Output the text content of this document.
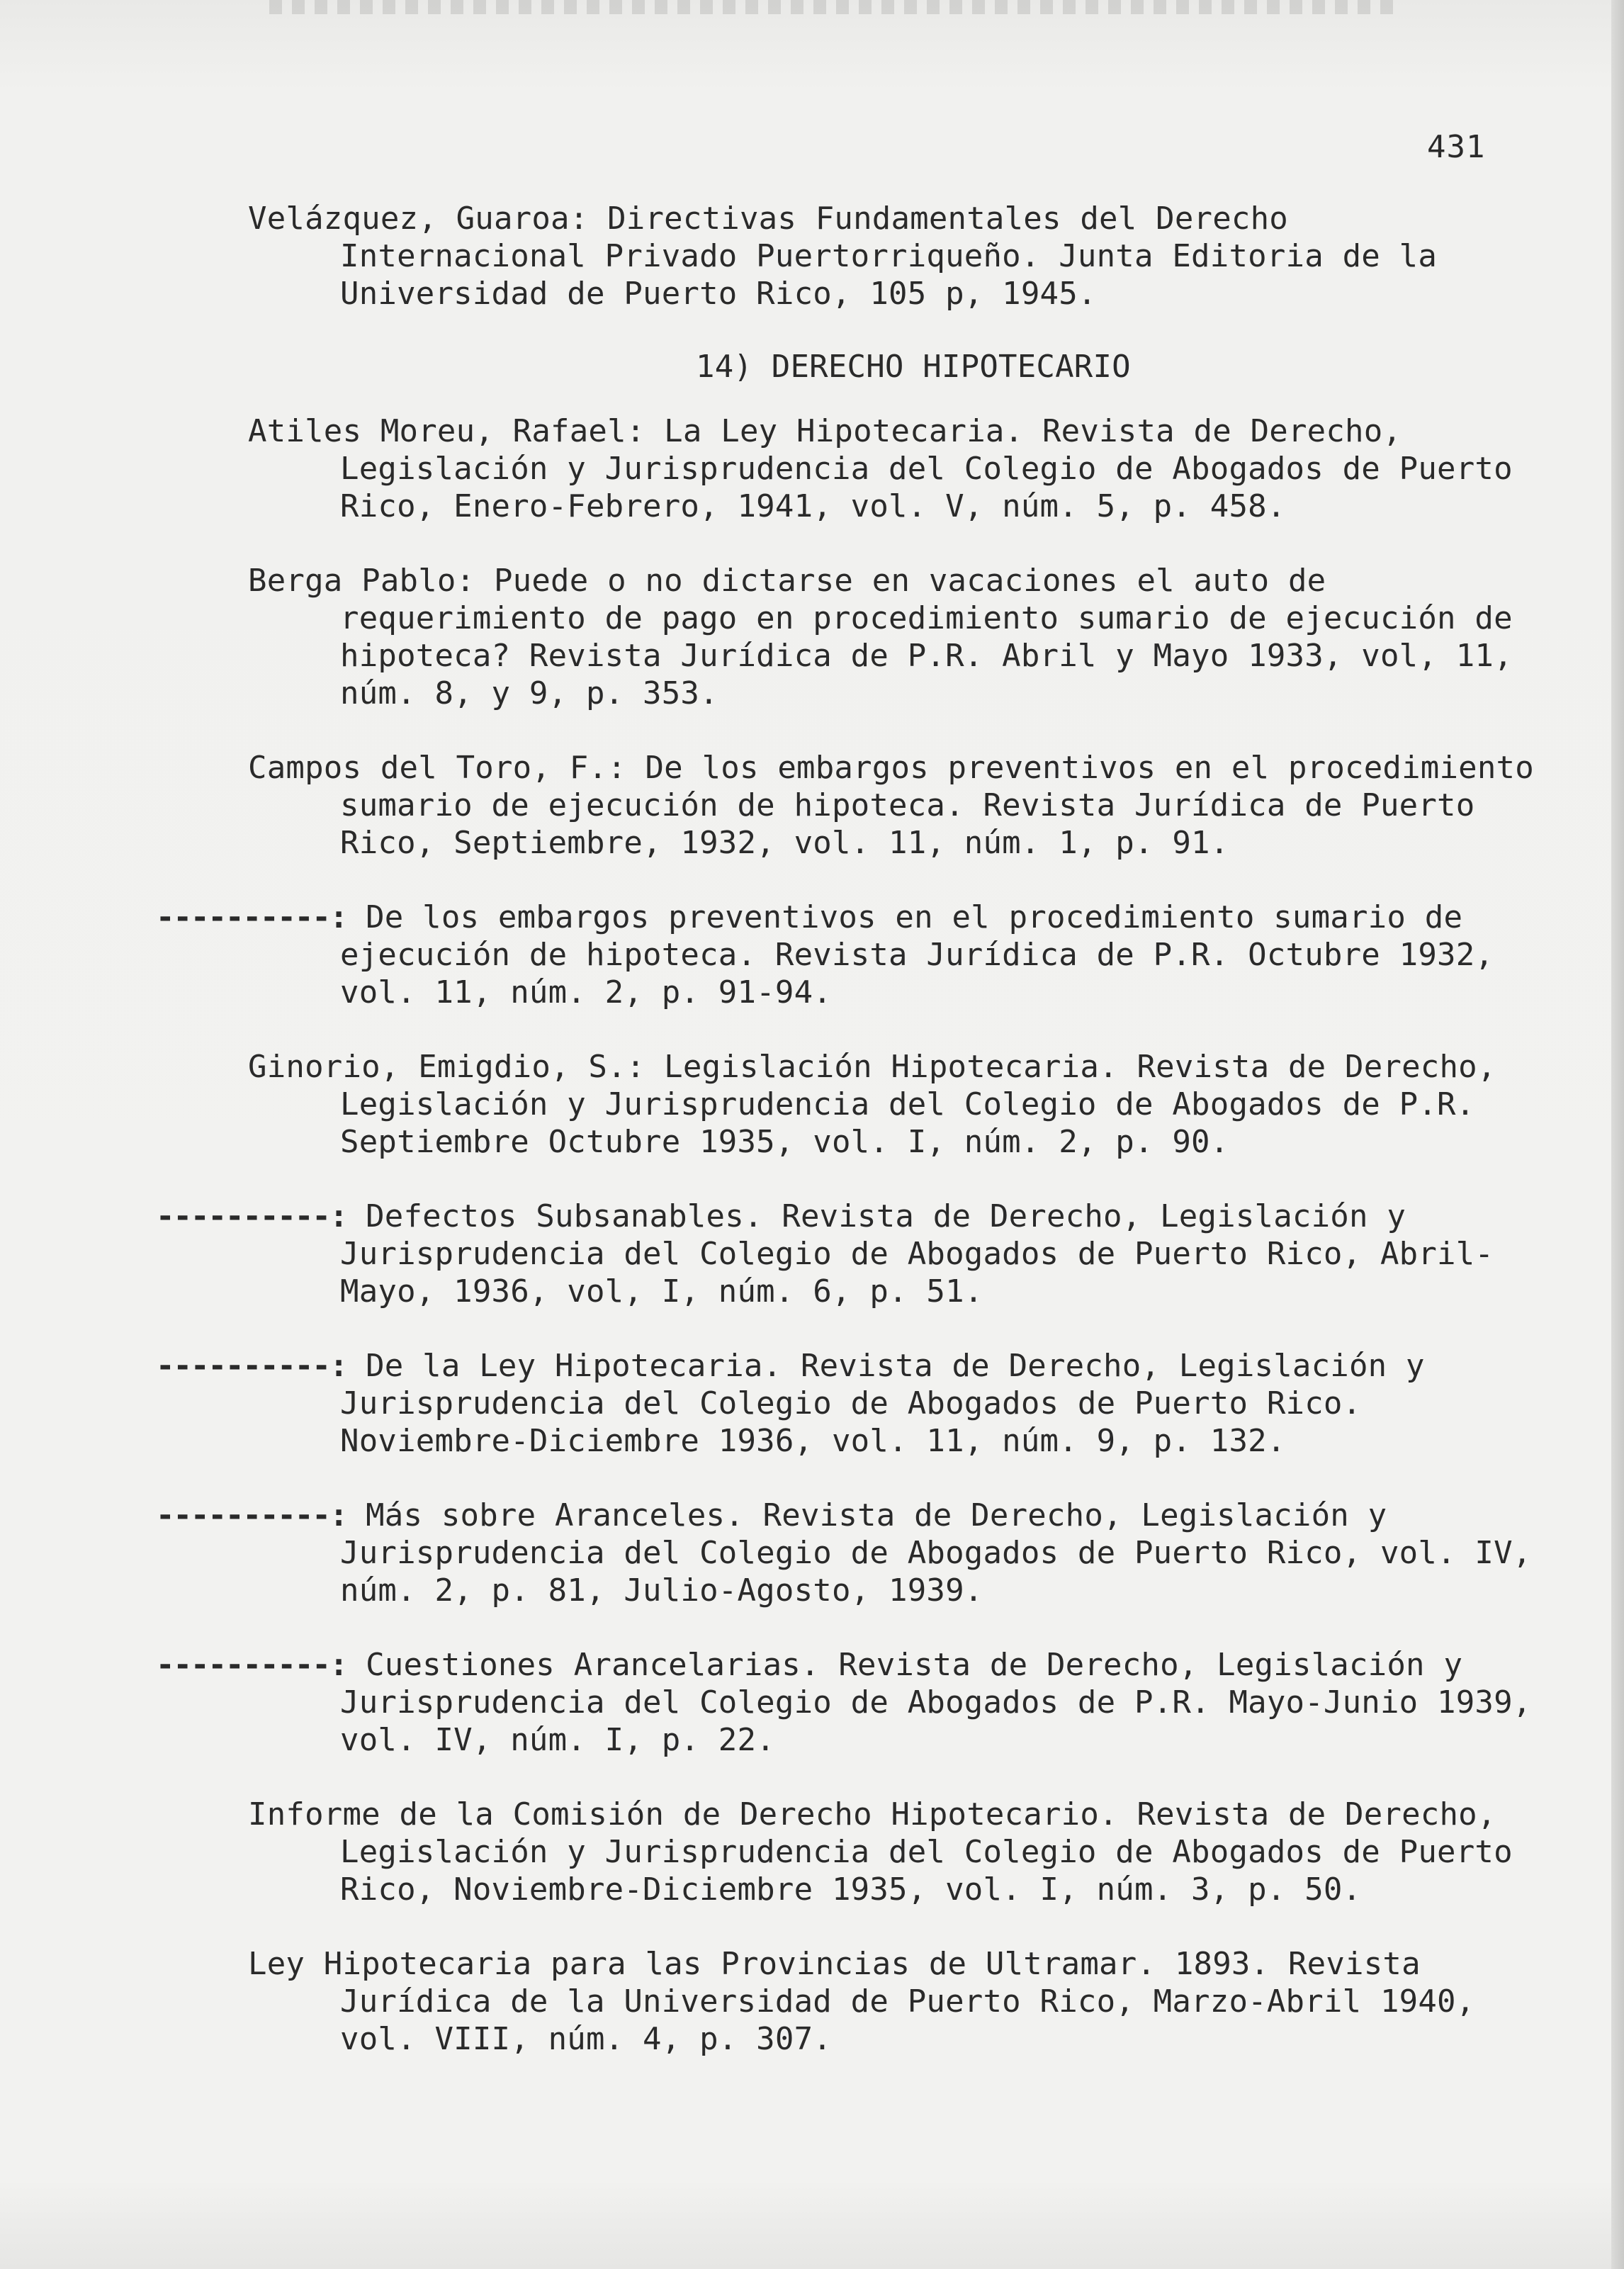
431
Velázquez, Guaroa: Directivas Fundamentales del Derecho Internacional Privado Puertorriqueño. Junta Editoria de la Universidad de Puerto Rico, 105 p, 1945.
14) DERECHO HIPOTECARIO
Atiles Moreu, Rafael: La Ley Hipotecaria. Revista de Derecho, Legislación y Jurisprudencia del Colegio de Abogados de Puerto Rico, Enero-Febrero, 1941, vol. V, núm. 5, p. 458.
Berga Pablo: Puede o no dictarse en vacaciones el auto de requerimiento de pago en procedimiento sumario de ejecución de hipoteca? Revista Jurídica de P.R. Abril y Mayo 1933, vol, 11, núm. 8, y 9, p. 353.
Campos del Toro, F.: De los embargos preventivos en el procedimiento sumario de ejecución de hipoteca. Revista Jurídica de Puerto Rico, Septiembre, 1932, vol. 11, núm. 1, p. 91.
----------: De los embargos preventivos en el procedimiento sumario de ejecución de hipoteca. Revista Jurídica de P.R. Octubre 1932, vol. 11, núm. 2, p. 91-94.
Ginorio, Emigdio, S.: Legislación Hipotecaria. Revista de Derecho, Legislación y Jurisprudencia del Colegio de Abogados de P.R. Septiembre Octubre 1935, vol. I, núm. 2, p. 90.
----------: Defectos Subsanables. Revista de Derecho, Legislación y Jurisprudencia del Colegio de Abogados de Puerto Rico, Abril-Mayo, 1936, vol, I, núm. 6, p. 51.
----------: De la Ley Hipotecaria. Revista de Derecho, Legislación y Jurisprudencia del Colegio de Abogados de Puerto Rico. Noviembre-Diciembre 1936, vol. 11, núm. 9, p. 132.
----------: Más sobre Aranceles. Revista de Derecho, Legislación y Jurisprudencia del Colegio de Abogados de Puerto Rico, vol. IV, núm. 2, p. 81, Julio-Agosto, 1939.
----------: Cuestiones Arancelarias. Revista de Derecho, Legislación y Jurisprudencia del Colegio de Abogados de P.R. Mayo-Junio 1939, vol. IV, núm. I, p. 22.
Informe de la Comisión de Derecho Hipotecario. Revista de Derecho, Legislación y Jurisprudencia del Colegio de Abogados de Puerto Rico, Noviembre-Diciembre 1935, vol. I, núm. 3, p. 50.
Ley Hipotecaria para las Provincias de Ultramar. 1893. Revista Jurídica de la Universidad de Puerto Rico, Marzo-Abril 1940, vol. VIII, núm. 4, p. 307.
